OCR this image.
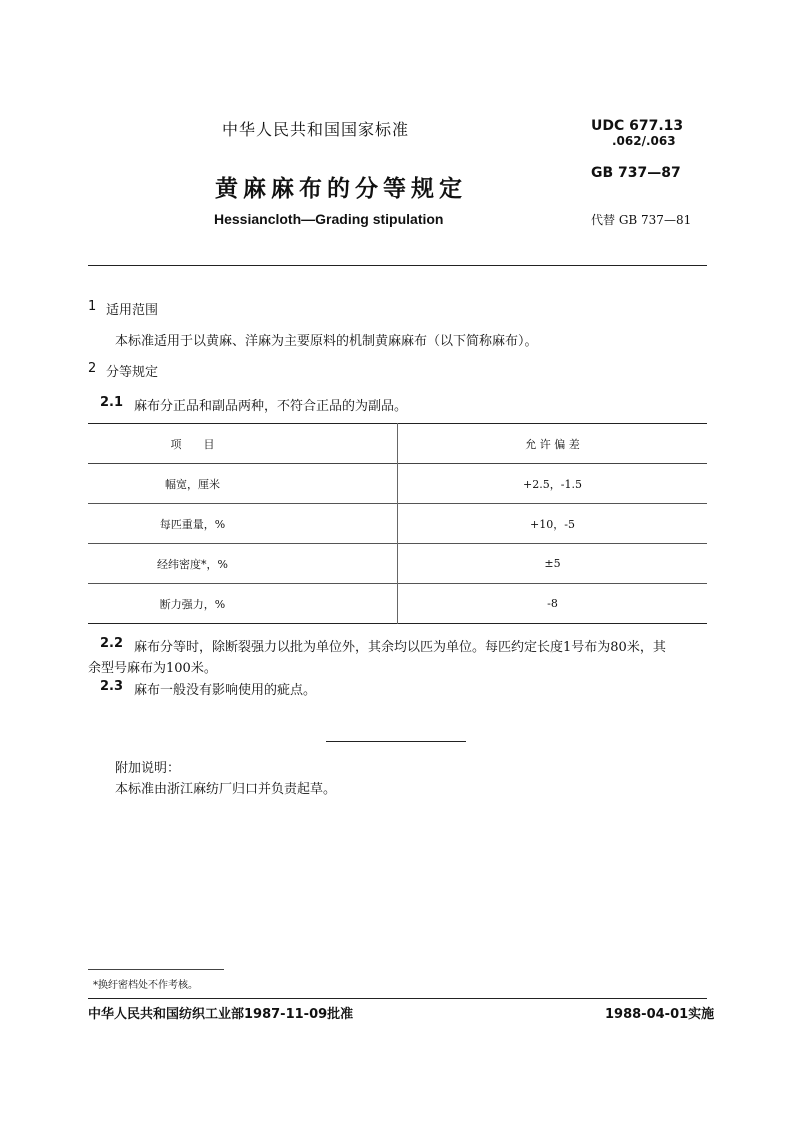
中华人民共和国国家标准	UDC 677.13
.062/.063
GB 737—87
黄麻麻布的分等规定
Hessiancloth—Grading stipulation	代替 GB 737—81
1 适用范围
本标准适用于以黄麻、洋麻为主要原料的机制黄麻麻布（以下简称麻布）。
2 分等规定
2.1 麻布分正品和副品两种，不符合正品的为副品。
项　　目	允 许 偏 差
幅宽，厘米	+2.5，-1.5
每匹重量，%	+10，-5
经纬密度*，%	±5
断力强力，%	-8
2.2 麻布分等时，除断裂强力以批为单位外，其余均以匹为单位。每匹约定长度1号布为80米，其
余型号麻布为100米。
2.3 麻布一般没有影响使用的疵点。
附加说明：
本标准由浙江麻纺厂归口并负责起草。
*换纡密档处不作考核。
中华人民共和国纺织工业部1987-11-09批准	1988-04-01实施
